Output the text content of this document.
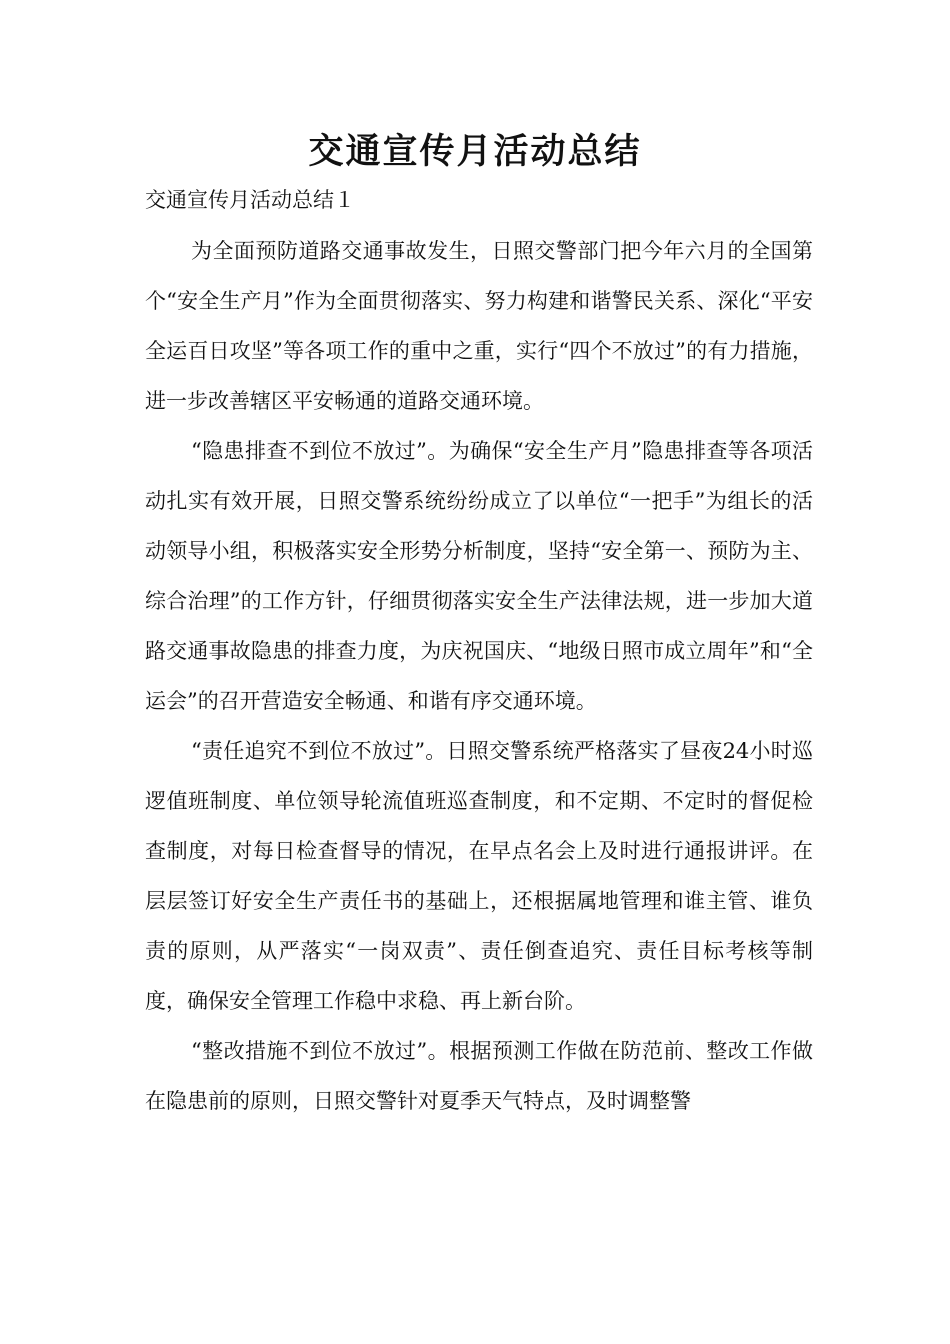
交通宣传月活动总结
交通宣传月活动总结１

为全面预防道路交通事故发生，日照交警部门把今年六月的全国第个“安全生产月”作为全面贯彻落实、努力构建和谐警民关系、深化“平安全运百日攻坚”等各项工作的重中之重，实行“四个不放过”的有力措施，进一步改善辖区平安畅通的道路交通环境。

“隐患排查不到位不放过”。为确保“安全生产月”隐患排查等各项活动扎实有效开展，日照交警系统纷纷成立了以单位“一把手”为组长的活动领导小组，积极落实安全形势分析制度，坚持“安全第一、预防为主、综合治理”的工作方针，仔细贯彻落实安全生产法律法规，进一步加大道路交通事故隐患的排查力度，为庆祝国庆、“地级日照市成立周年”和“全运会”的召开营造安全畅通、和谐有序交通环境。

“责任追究不到位不放过”。日照交警系统严格落实了昼夜24小时巡逻值班制度、单位领导轮流值班巡查制度，和不定期、不定时的督促检查制度，对每日检查督导的情况，在早点名会上及时进行通报讲评。在层层签订好安全生产责任书的基础上，还根据属地管理和谁主管、谁负责的原则，从严落实“一岗双责”、责任倒查追究、责任目标考核等制度，确保安全管理工作稳中求稳、再上新台阶。

“整改措施不到位不放过”。根据预测工作做在防范前、整改工作做在隐患前的原则，日照交警针对夏季天气特点，及时调整警
